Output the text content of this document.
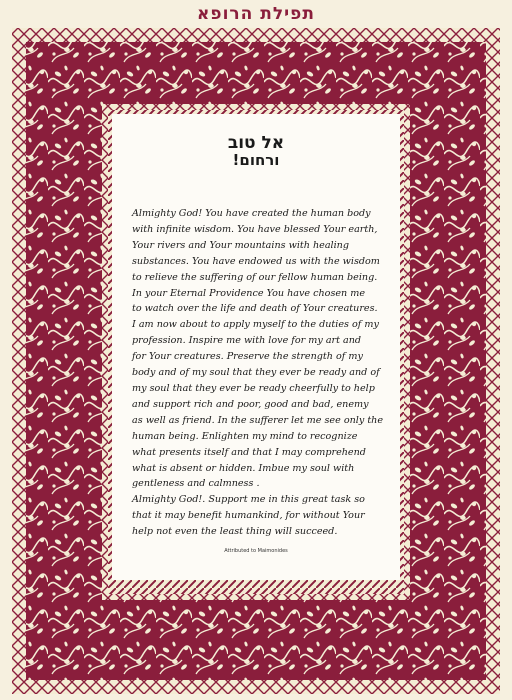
תפילת הרופא
אל טוב
ורחום!

Almighty God! You have created the human body
with infinite wisdom. You have blessed Your earth,
Your rivers and Your mountains with healing
substances. You have endowed us with the wisdom
to relieve the suffering of our fellow human being.
In your Eternal Providence You have chosen me
to watch over the life and death of Your creatures.
I am now about to apply myself to the duties of my
profession. Inspire me with love for my art and
for Your creatures. Preserve the strength of my
body and of my soul that they ever be ready and of
my soul that they ever be ready cheerfully to help
and support rich and poor, good and bad, enemy
as well as friend. In the sufferer let me see only the
human being. Enlighten my mind to recognize
what presents itself and that I may comprehend
what is absent or hidden. Imbue my soul with
gentleness and calmness .
Almighty God!. Support me in this great task so
that it may benefit humankind, for without Your
help not even the least thing will succeed.

Attributed to Maimonides
